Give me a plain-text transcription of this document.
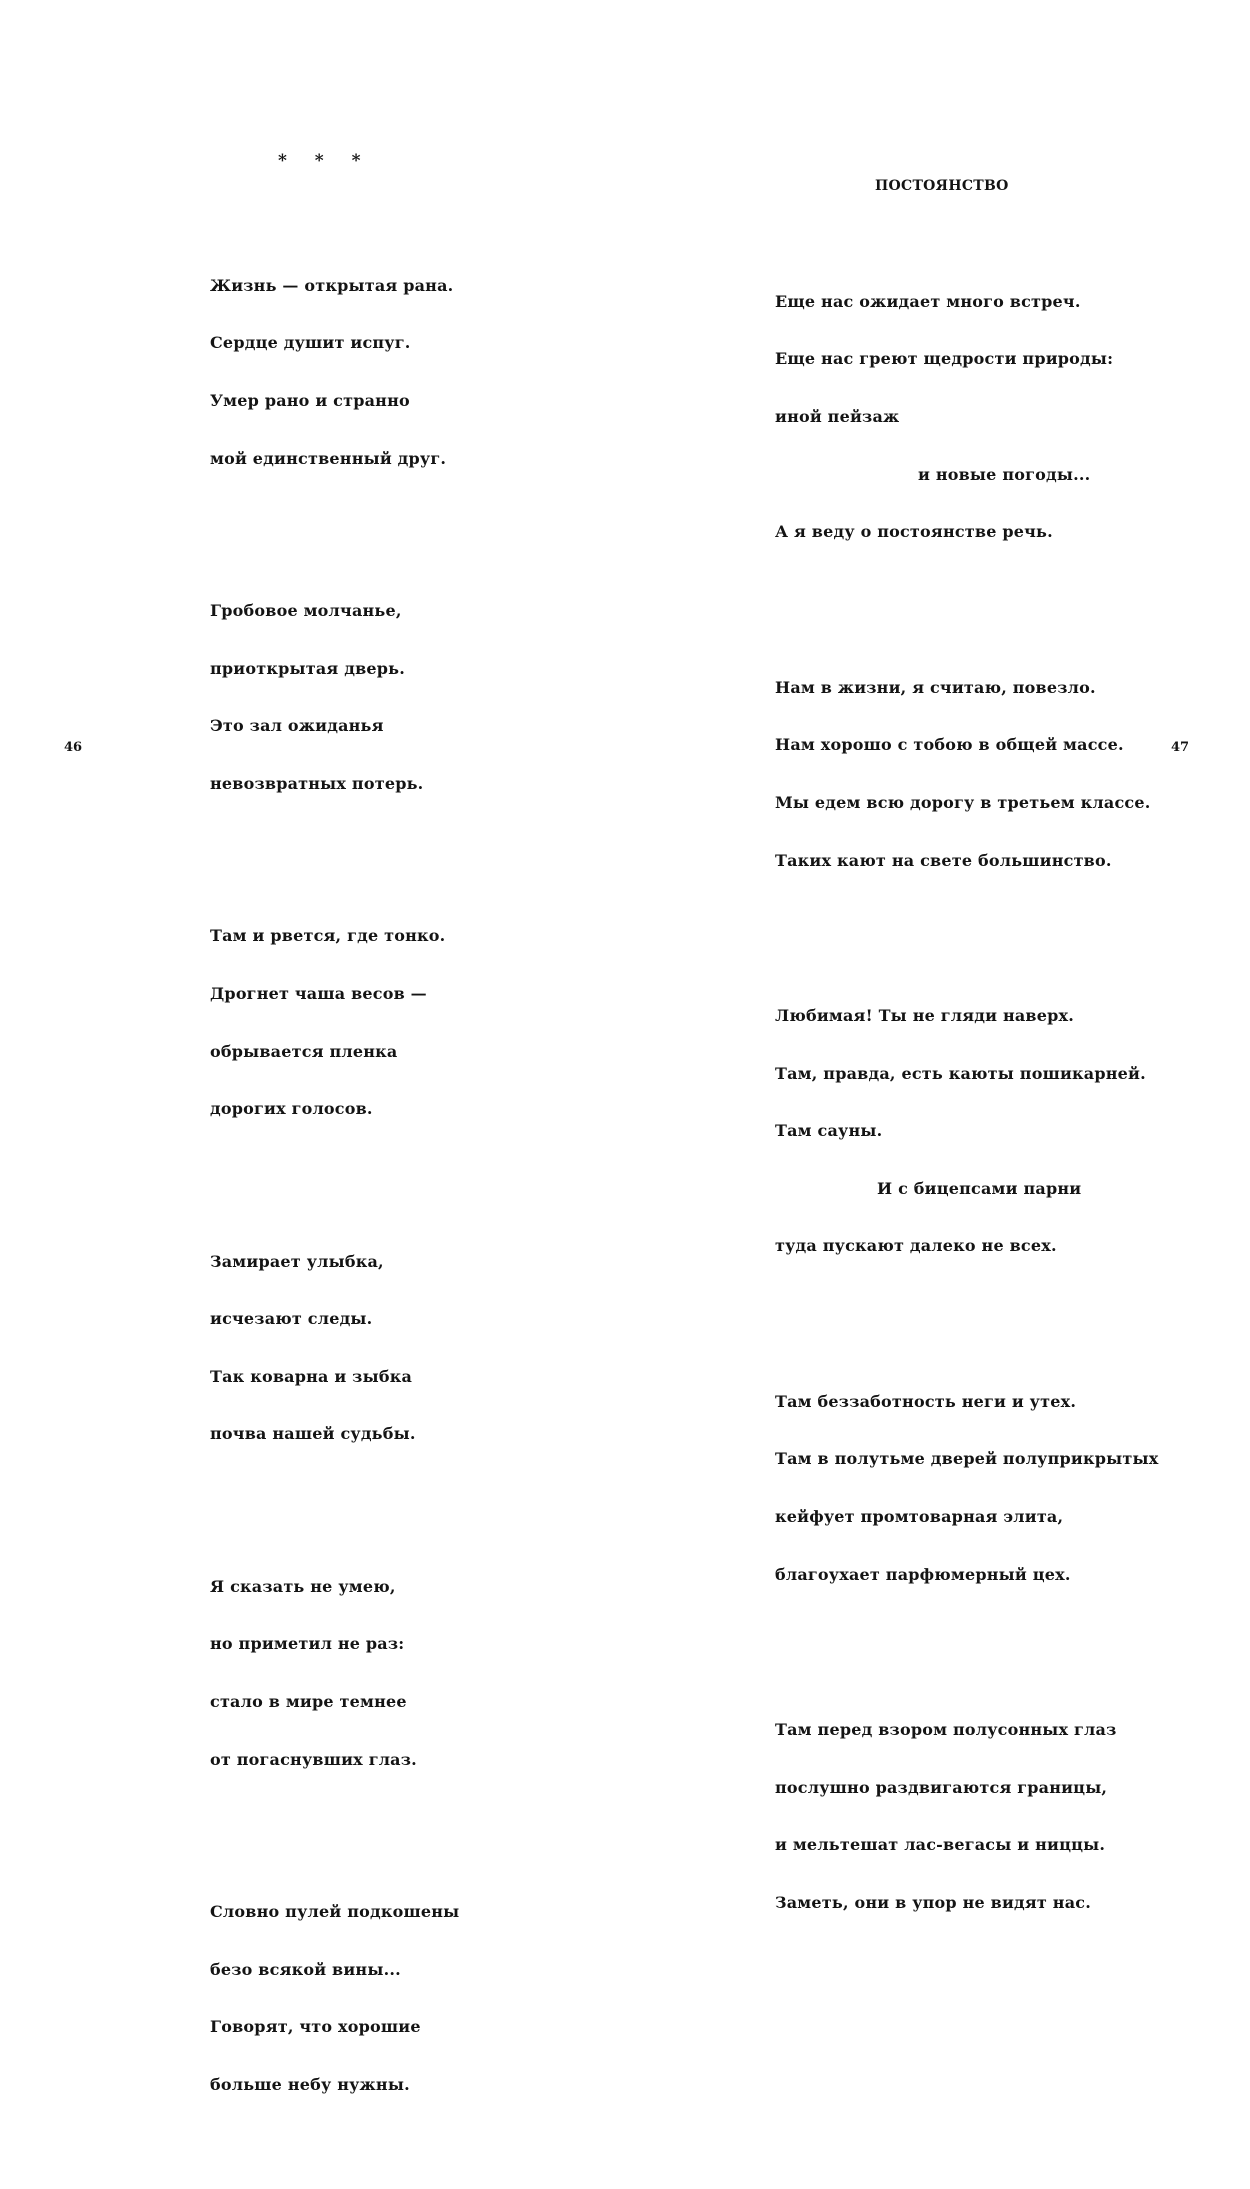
* * *

Жизнь — открытая рана.

Сердце душит испуг.

Умер рано и странно

мой единственный друг.

Гробовое молчанье,

приоткрытая дверь.

Это зал ожиданья

невозвратных потерь.

Там и рвется, где тонко.

Дрогнет чаша весов —

обрывается пленка

дорогих голосов.

Замирает улыбка,

исчезают следы.

Так коварна и зыбка

почва нашей судьбы.

Я сказать не умею,

но приметил не раз:

стало в мире темнее

от погаснувших глаз.

Словно пулей подкошены

безо всякой вины...

Говорят, что хорошие

больше небу нужны.

46
ПОСТОЯНСТВО

Еще нас ожидает много встреч.

Еще нас греют щедрости природы:

иной пейзаж

и новые погоды...

А я веду о постоянстве речь.

Нам в жизни, я считаю, повезло.

Нам хорошо с тобою в общей массе.

Мы едем всю дорогу в третьем классе.

Таких кают на свете большинство.

Любимая! Ты не гляди наверх.

Там, правда, есть каюты пошикарней.

Там сауны.

И с бицепсами парни

туда пускают далеко не всех.

Там беззаботность неги и утех.

Там в полутьме дверей полуприкрытых

кейфует промтоварная элита,

благоухает парфюмерный цех.

Там перед взором полусонных глаз

послушно раздвигаются границы,

и мельтешат лас-вегасы и ниццы.

Заметь, они в упор не видят нас.

47
